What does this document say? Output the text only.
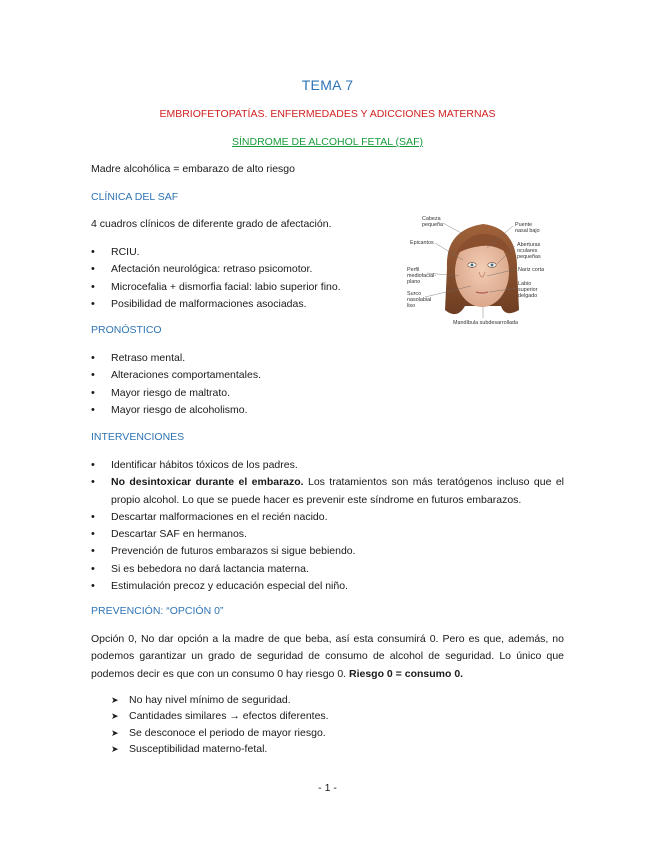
TEMA 7
EMBRIOFETOPATÍAS. ENFERMEDADES Y ADICCIONES MATERNAS
SÍNDROME DE ALCOHOL FETAL (SAF)
Madre alcohólica = embarazo de alto riesgo
CLÍNICA DEL SAF
4 cuadros clínicos de diferente grado de afectación.
• RCIU.
• Afectación neurológica: retraso psicomotor.
• Microcefalia + dismorfia facial: labio superior fino.
• Posibilidad de malformaciones asociadas.
Cabeza
pequeña
Epicantos
Perfil
mediofacial-
plano
Surco
nasolabial
liso
Puente
nasal bajo
Aberturas
oculares
pequeñas
Nariz corta
Labio
superior
delgado
Mandíbula subdesarrollada
PRONÓSTICO
• Retraso mental.
• Alteraciones comportamentales.
• Mayor riesgo de maltrato.
• Mayor riesgo de alcoholismo.
INTERVENCIONES
• Identificar hábitos tóxicos de los padres.
• No desintoxicar durante el embarazo. Los tratamientos son más teratógenos incluso que el propio alcohol. Lo que se puede hacer es prevenir este síndrome en futuros embarazos.
• Descartar malformaciones en el recién nacido.
• Descartar SAF en hermanos.
• Prevención de futuros embarazos si sigue bebiendo.
• Si es bebedora no dará lactancia materna.
• Estimulación precoz y educación especial del niño.
PREVENCIÓN: “OPCIÓN 0”
Opción 0, No dar opción a la madre de que beba, así esta consumirá 0. Pero es que, además, no podemos garantizar un grado de seguridad de consumo de alcohol de seguridad. Lo único que podemos decir es que con un consumo 0 hay riesgo 0. Riesgo 0 = consumo 0.
➤ No hay nivel mínimo de seguridad.
➤ Cantidades similares → efectos diferentes.
➤ Se desconoce el periodo de mayor riesgo.
➤ Susceptibilidad materno-fetal.
- 1 -
